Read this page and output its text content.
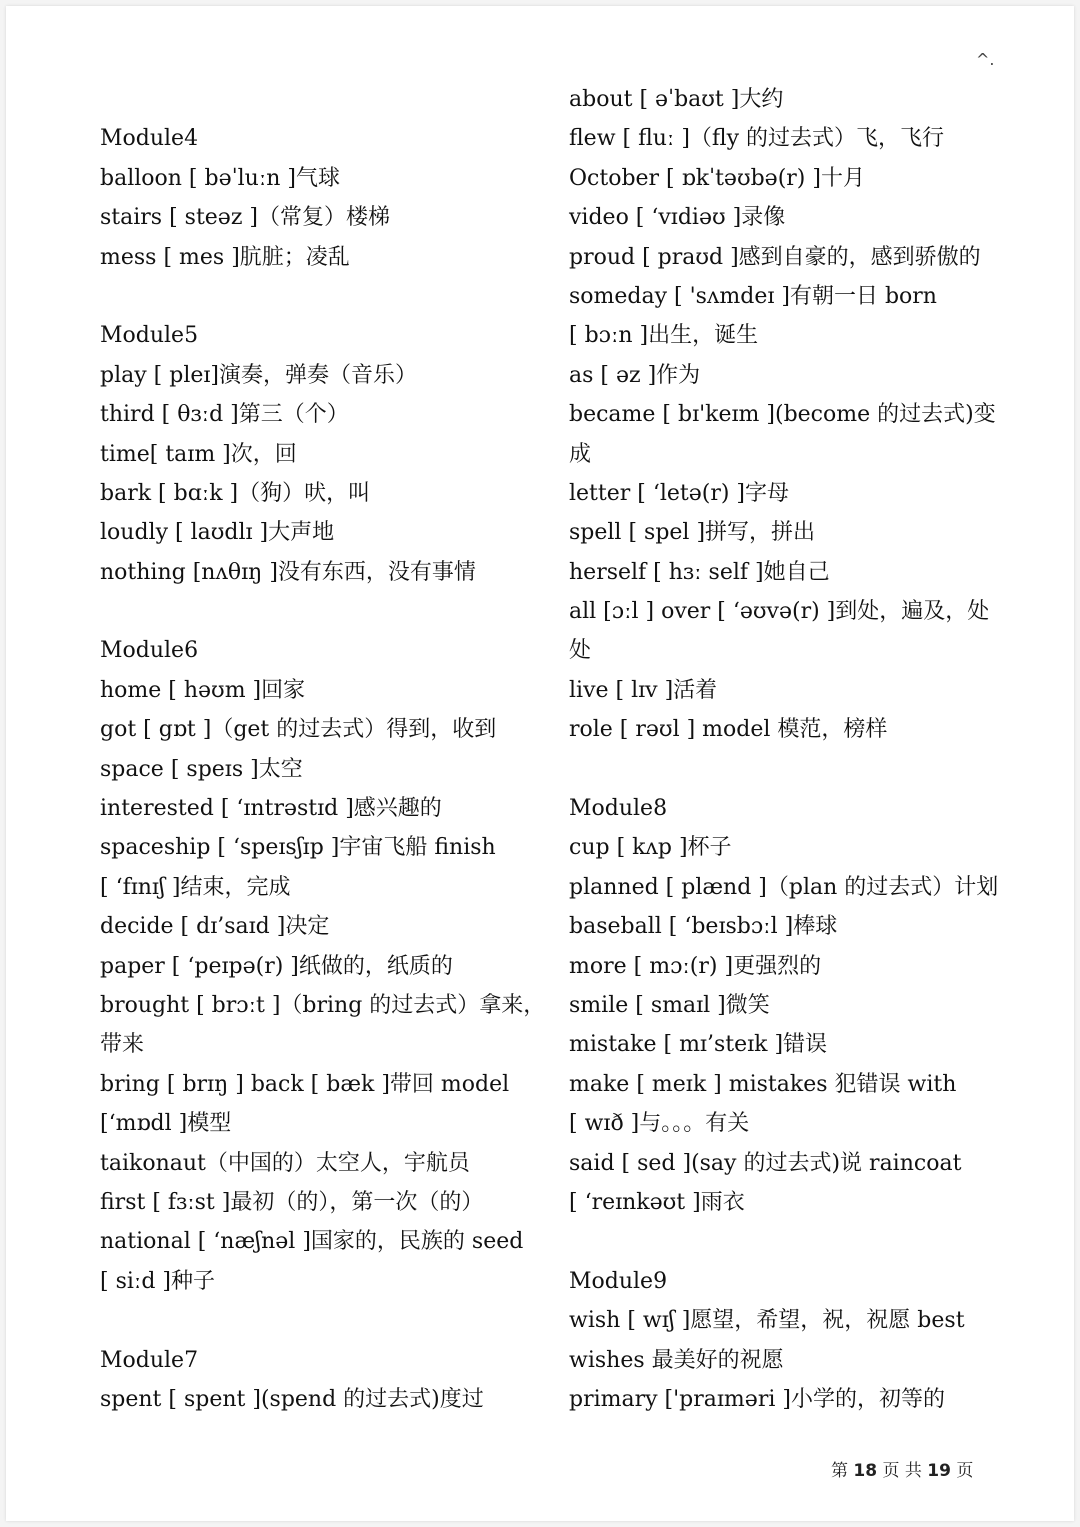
^.
Module4
balloon [ bəˈluːn ]气球
stairs [ steəz ]（常复）楼梯
mess [ mes ]肮脏；凌乱
Module5
play [ pleɪ]演奏，弹奏（音乐）
third [ θɜːd ]第三（个）
time[ taɪm ]次，回
bark [ bɑːk ]（狗）吠，叫
loudly [ laʊdlɪ ]大声地
nothing [nʌθɪŋ ]没有东西，没有事情
Module6
home [ həʊm ]回家
got [ gɒt ]（get 的过去式）得到，收到
space [ speɪs ]太空
interested [ ‘ɪntrəstɪd ]感兴趣的
spaceship [ ‘speɪsʃɪp ]宇宙飞船 finish
[ ‘fɪnɪʃ ]结束，完成
decide [ dɪ’saɪd ]决定
paper [ ‘peɪpə(r) ]纸做的，纸质的
brought [ brɔːt ]（bring 的过去式）拿来，
带来
bring [ brɪŋ ] back [ bæk ]带回 model
[‘mɒdl ]模型
taikonaut（中国的）太空人，宇航员
first [ fɜːst ]最初（的），第一次（的）
national [ ‘næʃnəl ]国家的，民族的 seed
[ siːd ]种子
Module7
spent [ spent ](spend 的过去式)度过
about [ əˈbaʊt ]大约
flew [ fluː ]（fly 的过去式）飞，飞行
October [ ɒkˈtəʊbə(r) ]十月
video [ ‘vɪdiəʊ ]录像
proud [ praʊd ]感到自豪的，感到骄傲的
someday [ 'sʌmdeɪ ]有朝一日 born
[ bɔːn ]出生，诞生
as [ əz ]作为
became [ bɪ'keɪm ](become 的过去式)变
成
letter [ ‘letə(r) ]字母
spell [ spel ]拼写，拼出
herself [ hɜː self ]她自己
all [ɔːl ] over [ ‘əʊvə(r) ]到处，遍及，处
处
live [ lɪv ]活着
role [ rəʊl ] model 模范，榜样
Module8
cup [ kʌp ]杯子
planned [ plænd ]（plan 的过去式）计划
baseball [ ‘beɪsbɔːl ]棒球
more [ mɔː(r) ]更强烈的
smile [ smaɪl ]微笑
mistake [ mɪ’steɪk ]错误
make [ meɪk ] mistakes 犯错误 with
[ wɪð ]与。。。有关
said [ sed ](say 的过去式)说 raincoat
[ ‘reɪnkəʊt ]雨衣
Module9
wish [ wɪʃ ]愿望，希望，祝，祝愿 best
wishes 最美好的祝愿
primary ['praɪməri ]小学的，初等的
第 18 页 共 19 页
